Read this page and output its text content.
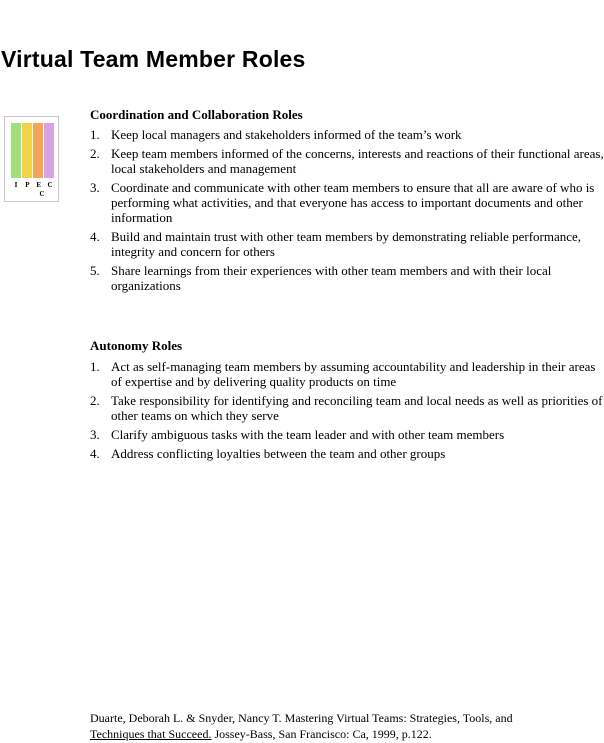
Virtual Team Member Roles
I	P E C
C
Coordination and Collaboration Roles
1. Keep local managers and stakeholders informed of the team’s work
2. Keep team members informed of the concerns, interests and reactions of their functional areas, local stakeholders and management
3. Coordinate and communicate with other team members to ensure that all are aware of who is performing what activities, and that everyone has access to important documents and other information
4. Build and maintain trust with other team members by demonstrating reliable performance, integrity and concern for others
5. Share learnings from their experiences with other team members and with their local organizations
Autonomy Roles
1. Act as self-managing team members by assuming accountability and leadership in their areas of expertise and by delivering quality products on time
2. Take responsibility for identifying and reconciling team and local needs as well as priorities of other teams on which they serve
3. Clarify ambiguous tasks with the team leader and with other team members
4. Address conflicting loyalties between the team and other groups
Duarte, Deborah L. & Snyder, Nancy T. Mastering Virtual Teams: Strategies, Tools, and
Techniques that Succeed. Jossey-Bass, San Francisco: Ca, 1999, p.122.
